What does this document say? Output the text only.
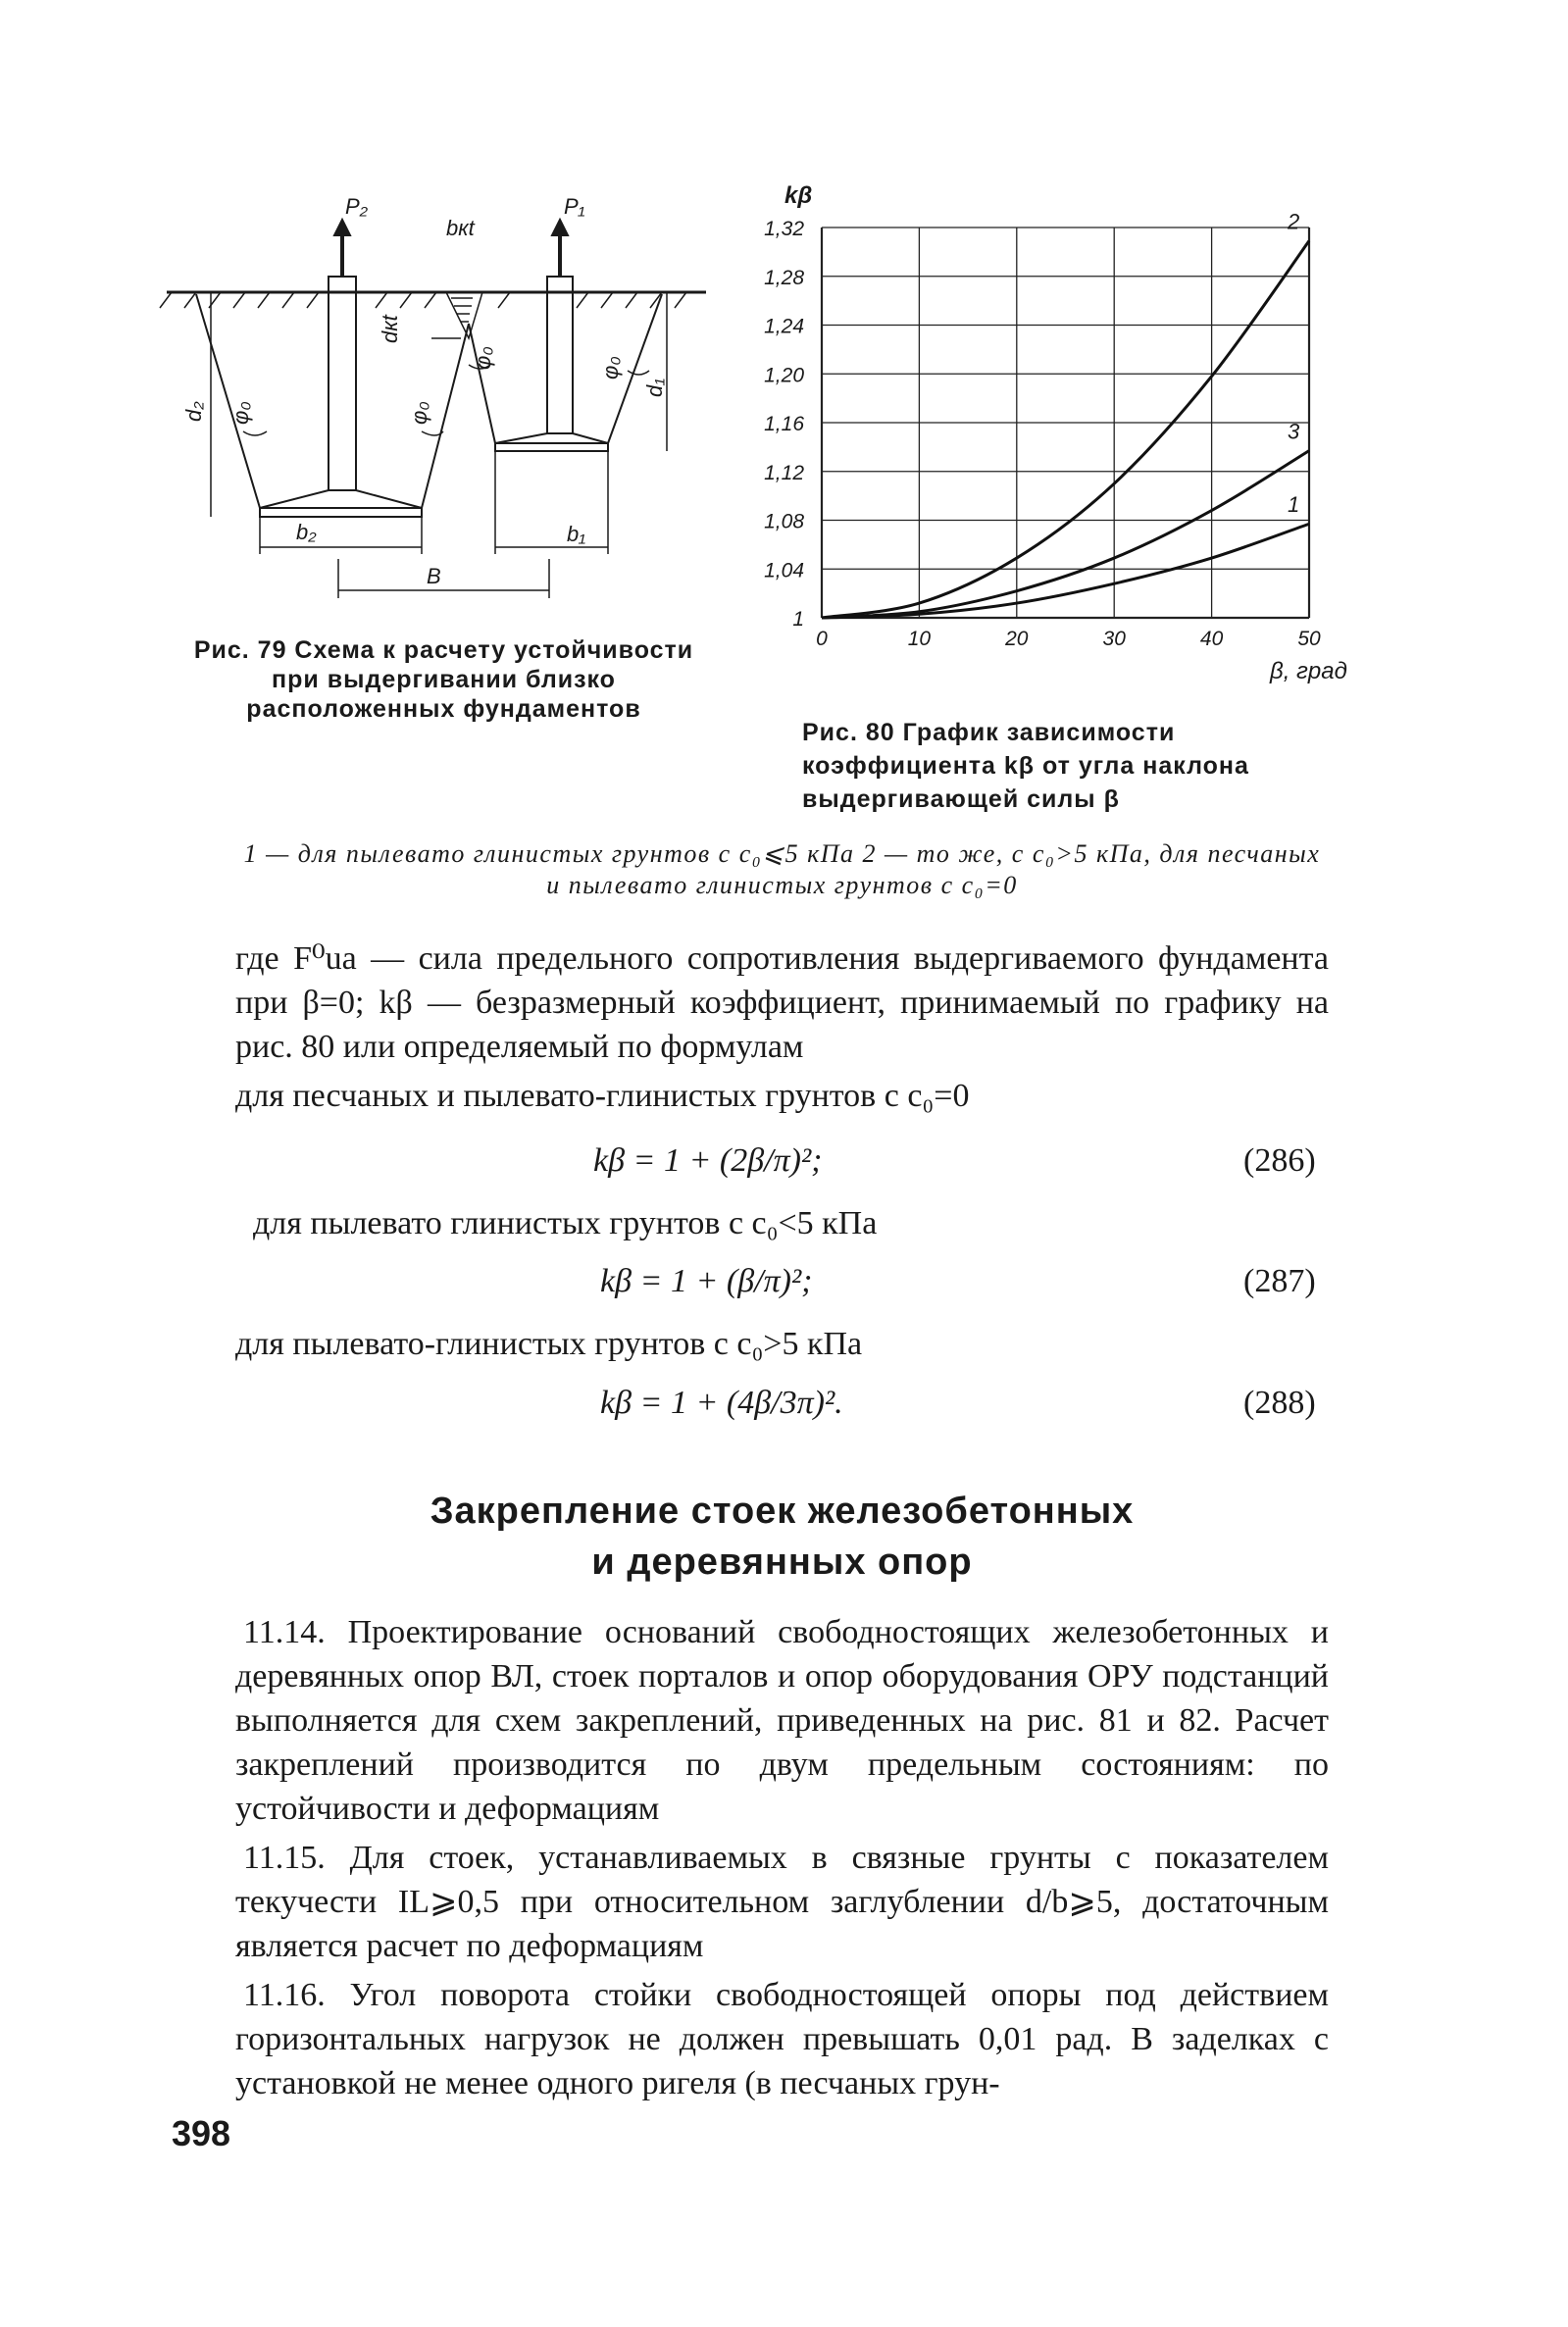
P₂	P₁
bкt
dкt
d₂
d₁
φ₀	φ₀
φ₀	φ₀
b₂	b₁
B
Рис. 79 Схема к расчету устойчивости при выдергивании близко расположенных фундаментов
1
1,04
1,08
1,12
1,16
1,20
1,24
1,28
1,32
0	10	20	30	40	50
kβ
β, град
1
2
3
Рис. 80 График зависимости коэффициента kβ от угла наклона выдергивающей силы β
1 — для пылевато глинистых грунтов с c₀⩽5 кПа 2 — то же, с c₀>5 кПа, для песчаных и пылевато глинистых грунтов с c₀=0
где F⁰ua — сила предельного сопротивления выдергиваемого фундамента при β=0; kβ — безразмерный коэффициент, принимаемый по графику на рис. 80 или определяемый по формулам
для песчаных и пылевато-глинистых грунтов с c₀=0
kβ = 1 + (2β/π)²;	(286)
для пылевато глинистых грунтов с c₀<5 кПа
kβ = 1 + (β/π)²;	(287)
для пылевато-глинистых грунтов с c₀>5 кПа
kβ = 1 + (4β/3π)².	(288)
Закрепление стоек железобетонных
и деревянных опор
11.14. Проектирование оснований свободностоящих железобетонных и деревянных опор ВЛ, стоек порталов и опор оборудования ОРУ подстанций выполняется для схем закреплений, приведенных на рис. 81 и 82. Расчет закреплений производится по двум предельным состояниям: по устойчивости и деформациям
11.15. Для стоек, устанавливаемых в связные грунты с показателем текучести IL⩾0,5 при относительном заглублении d/b⩾5, достаточным является расчет по деформациям
11.16. Угол поворота стойки свободностоящей опоры под действием горизонтальных нагрузок не должен превышать 0,01 рад. В заделках с установкой не менее одного ригеля (в песчаных грун-
398
